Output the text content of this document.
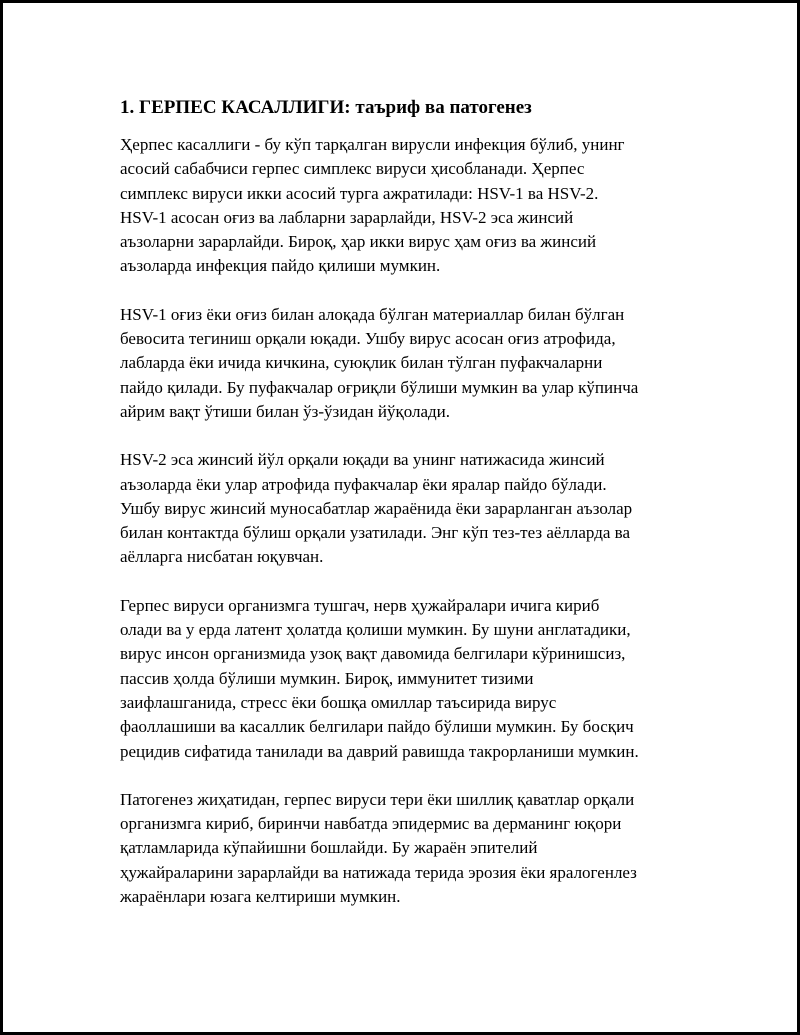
1. ГЕРПЕС КАСАЛЛИГИ: таъриф ва патогенез

Ҳерпес касаллиги - бу кўп тарқалган вирусли инфекция бўлиб, унинг
асосий сабабчиси герпес симплекс вируси ҳисобланади. Ҳерпес
симплекс вируси икки асосий турга ажратилади: HSV-1 ва HSV-2.
HSV-1 асосан оғиз ва лабларни зарарлайди, HSV-2 эса жинсий
аъзоларни зарарлайди. Бироқ, ҳар икки вирус ҳам оғиз ва жинсий
аъзоларда инфекция пайдо қилиши мумкин.

HSV-1 оғиз ёки оғиз билан алоқада бўлган материаллар билан бўлган
бевосита тегиниш орқали юқади. Ушбу вирус асосан оғиз атрофида,
лабларда ёки ичида кичкина, суюқлик билан тўлган пуфакчаларни
пайдо қилади. Бу пуфакчалар оғриқли бўлиши мумкин ва улар кўпинча
айрим вақт ўтиши билан ўз-ўзидан йўқолади.

HSV-2 эса жинсий йўл орқали юқади ва унинг натижасида жинсий
аъзоларда ёки улар атрофида пуфакчалар ёки яралар пайдо бўлади.
Ушбу вирус жинсий муносабатлар жараёнида ёки зарарланган аъзолар
билан контактда бўлиш орқали узатилади. Энг кўп тез-тез аёлларда ва
аёлларга нисбатан юқувчан.

Герпес вируси организмга тушгач, нерв ҳужайралари ичига кириб
олади ва у ерда латент ҳолатда қолиши мумкин. Бу шуни англатадики,
вирус инсон организмида узоқ вақт давомида белгилари кўринишсиз,
пассив ҳолда бўлиши мумкин. Бироқ, иммунитет тизими
заифлашганида, стресс ёки бошқа омиллар таъсирида вирус
фаоллашиши ва касаллик белгилари пайдо бўлиши мумкин. Бу босқич
рецидив сифатида танилади ва даврий равишда такрорланиши мумкин.

Патогенез жиҳатидан, герпес вируси тери ёки шиллиқ қаватлар орқали
организмга кириб, биринчи навбатда эпидермис ва дерманинг юқори
қатламларида кўпайишни бошлайди. Бу жараён эпителий
ҳужайраларини зарарлайди ва натижада терида эрозия ёки яралогенлез
жараёнлари юзага келтириши мумкин.
